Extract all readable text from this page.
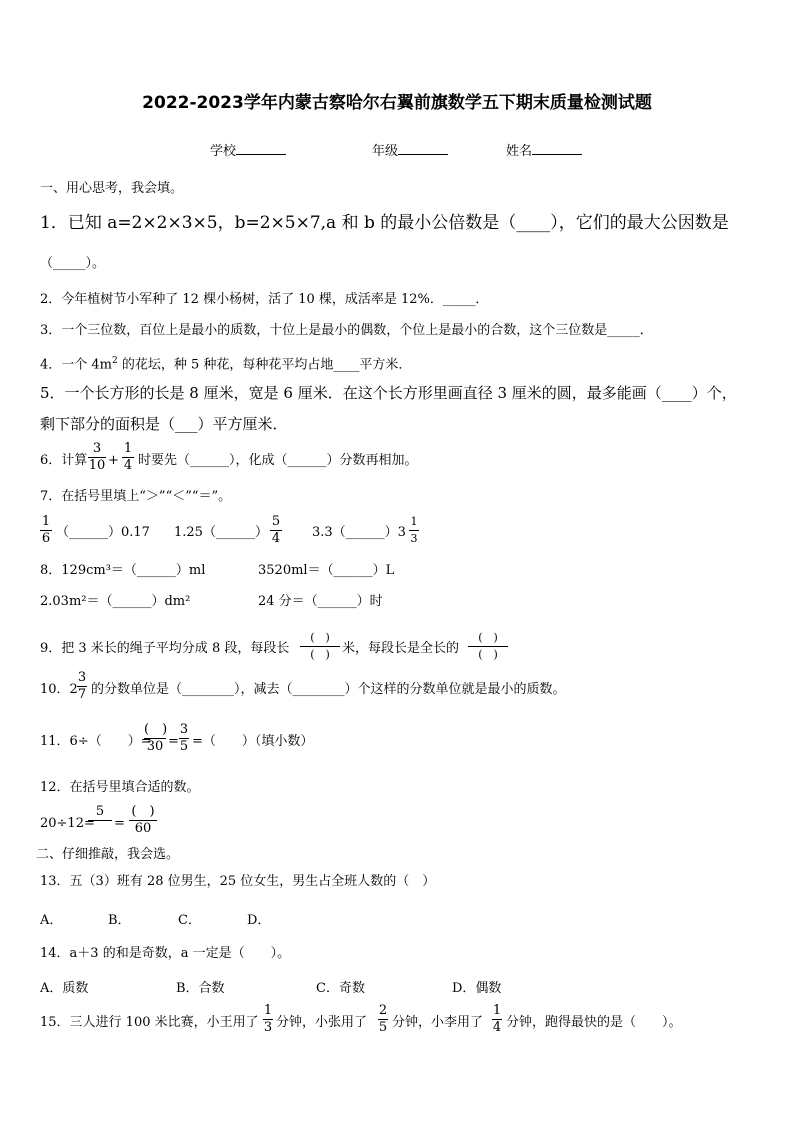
2022-2023学年内蒙古察哈尔右翼前旗数学五下期末质量检测试题
学校	年级	姓名
一、用心思考，我会填。
1．已知 a=2×2×3×5，b=2×5×7,a 和 b 的最小公倍数是（____），它们的最大公因数是
（_____）。
2．今年植树节小军种了 12 棵小杨树，活了 10 棵，成活率是 12%．_____．
3．一个三位数，百位上是最小的质数，十位上是最小的偶数，个位上是最小的合数，这个三位数是_____．
4．一个 $4m^2$ 的花坛，种 5 种花，每种花平均占地____平方米．
5．一个长方形的长是 8 厘米，宽是 6 厘米．在这个长方形里画直径 3 厘米的圆，最多能画（____）个，
剩下部分的面积是（___）平方厘米．
6．计算
3
10 +
1
4 时要先（______），化成（______）分数再相加。
7．在括号里填上“＞”“＜”“＝”。
1
6 （______）0.17 1.25（______）
5
4 3.3（______）3
1
3
8．129cm³＝（______）ml	3520ml＝（______）L
2.03m²＝（______）dm²	24 分＝（______）时
9．把 3 米长的绳子平均分成 8 段，每段长
(　)
(　) 米，每段长是全长的
(　)
(　)
10．2
3
7 的分数单位是（________），减去（________）个这样的分数单位就是最小的质数。
11．6÷（　　）=
(　)
30 =
3
5 =（　　）（填小数）
12．在括号里填合适的数。
20÷12=
5

=
(　)
60
二、仔细推敲，我会选。
13．五（3）班有 28 位男生，25 位女生，男生占全班人数的（　）
A．	B．	C．	D．
14．a＋3 的和是奇数，a 一定是（　　）。
A．质数	B．合数	C．奇数	D．偶数
15．三人进行 100 米比赛，小王用了
1
3 分钟，小张用了
2
5 分钟，小李用了
1
4 分钟，跑得最快的是（　　）。
